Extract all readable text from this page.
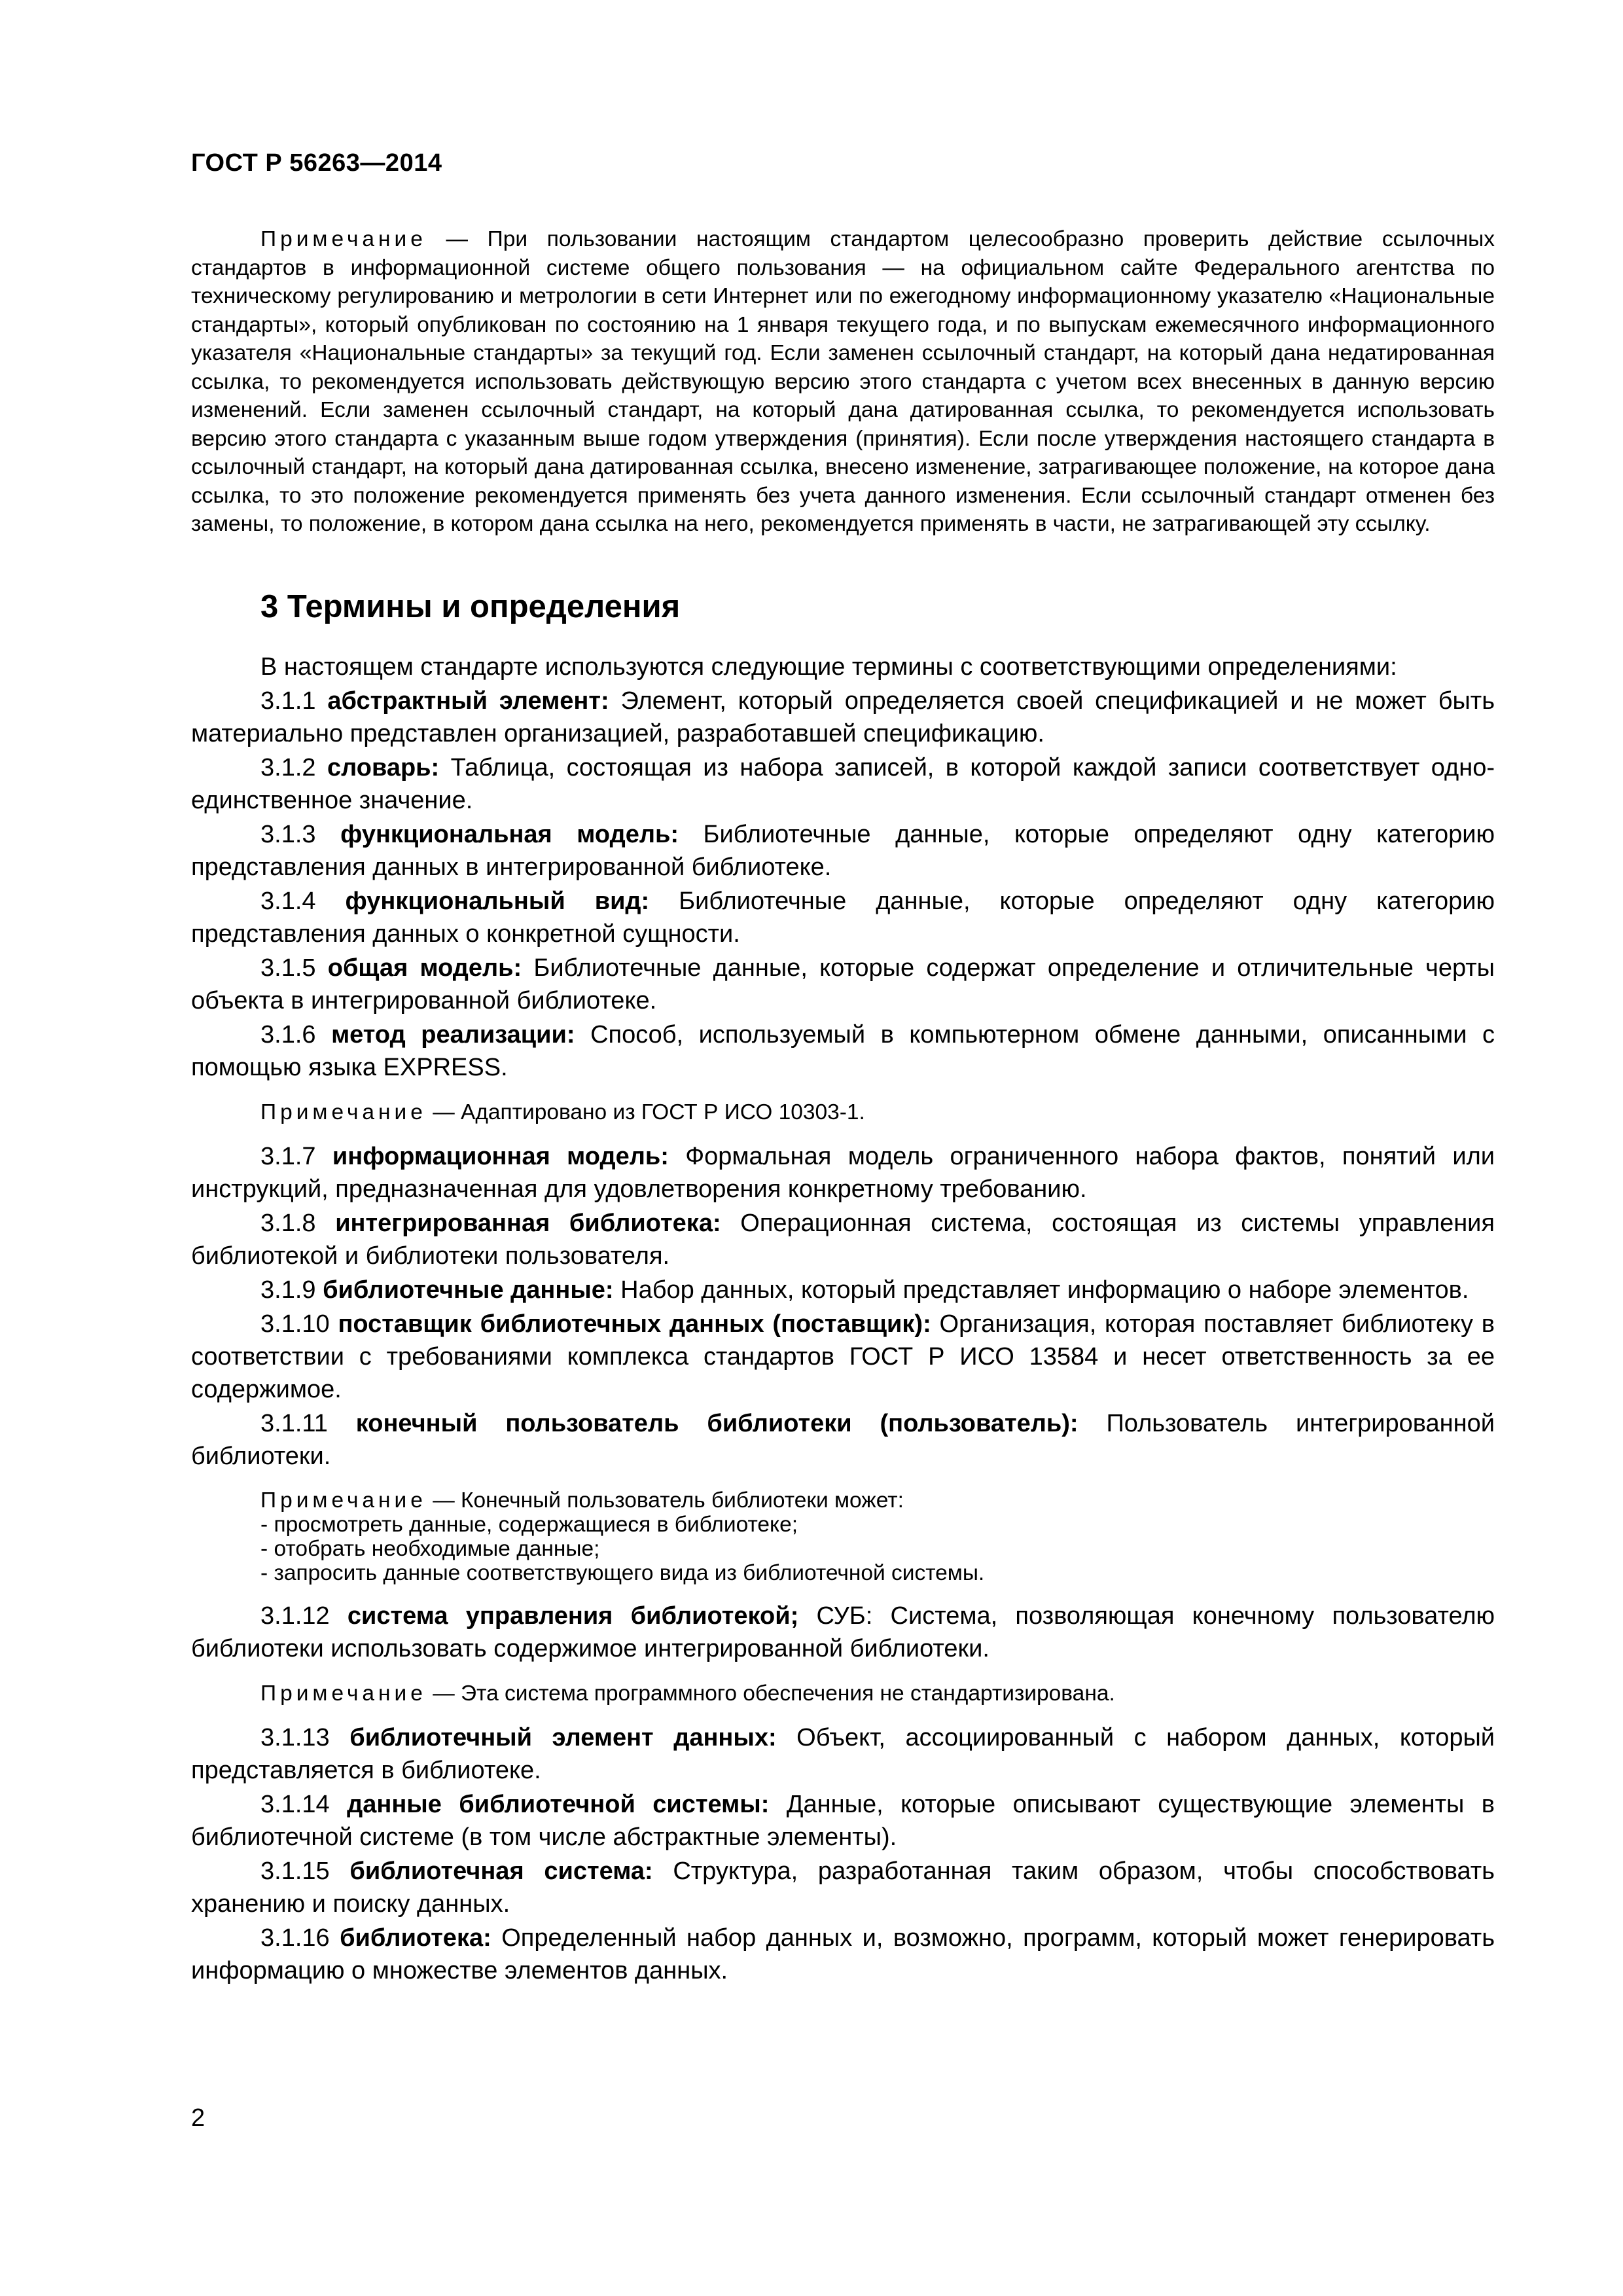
ГОСТ Р 56263—2014

Примечание — При пользовании настоящим стандартом целесообразно проверить действие ссылочных стандартов в информационной системе общего пользования — на официальном сайте Федерального агентства по техническому регулированию и метрологии в сети Интернет или по ежегодному информационному указателю «Национальные стандарты», который опубликован по состоянию на 1 января текущего года, и по выпускам ежемесячного информационного указателя «Национальные стандарты» за текущий год. Если заменен ссылочный стандарт, на который дана недатированная ссылка, то рекомендуется использовать действующую версию этого стандарта с учетом всех внесенных в данную версию изменений. Если заменен ссылочный стандарт, на который дана датированная ссылка, то рекомендуется использовать версию этого стандарта с указанным выше годом утверждения (принятия). Если после утверждения настоящего стандарта в ссылочный стандарт, на который дана датированная ссылка, внесено изменение, затрагивающее положение, на которое дана ссылка, то это положение рекомендуется применять без учета данного изменения. Если ссылочный стандарт отменен без замены, то положение, в котором дана ссылка на него, рекомендуется применять в части, не затрагивающей эту ссылку.

3 Термины и определения

В настоящем стандарте используются следующие термины с соответствующими определениями:

3.1.1 абстрактный элемент: Элемент, который определяется своей спецификацией и не может быть материально представлен организацией, разработавшей спецификацию.

3.1.2 словарь: Таблица, состоящая из набора записей, в которой каждой записи соответствует одно-единственное значение.

3.1.3 функциональная модель: Библиотечные данные, которые определяют одну категорию представления данных в интегрированной библиотеке.

3.1.4 функциональный вид: Библиотечные данные, которые определяют одну категорию представления данных о конкретной сущности.

3.1.5 общая модель: Библиотечные данные, которые содержат определение и отличительные черты объекта в интегрированной библиотеке.

3.1.6 метод реализации: Способ, используемый в компьютерном обмене данными, описанными с помощью языка EXPRESS.

Примечание — Адаптировано из ГОСТ Р ИСО 10303-1.

3.1.7 информационная модель: Формальная модель ограниченного набора фактов, понятий или инструкций, предназначенная для удовлетворения конкретному требованию.

3.1.8 интегрированная библиотека: Операционная система, состоящая из системы управления библиотекой и библиотеки пользователя.

3.1.9 библиотечные данные: Набор данных, который представляет информацию о наборе элементов.

3.1.10 поставщик библиотечных данных (поставщик): Организация, которая поставляет библиотеку в соответствии с требованиями комплекса стандартов ГОСТ Р ИСО 13584 и несет ответственность за ее содержимое.

3.1.11 конечный пользователь библиотеки (пользователь): Пользователь интегрированной библиотеки.

Примечание — Конечный пользователь библиотеки может:
- просмотреть данные, содержащиеся в библиотеке;
- отобрать необходимые данные;
- запросить данные соответствующего вида из библиотечной системы.

3.1.12 система управления библиотекой; СУБ: Система, позволяющая конечному пользователю библиотеки использовать содержимое интегрированной библиотеки.

Примечание — Эта система программного обеспечения не стандартизирована.

3.1.13 библиотечный элемент данных: Объект, ассоциированный с набором данных, который представляется в библиотеке.

3.1.14 данные библиотечной системы: Данные, которые описывают существующие элементы в библиотечной системе (в том числе абстрактные элементы).

3.1.15 библиотечная система: Структура, разработанная таким образом, чтобы способствовать хранению и поиску данных.

3.1.16 библиотека: Определенный набор данных и, возможно, программ, который может генерировать информацию о множестве элементов данных.

2
